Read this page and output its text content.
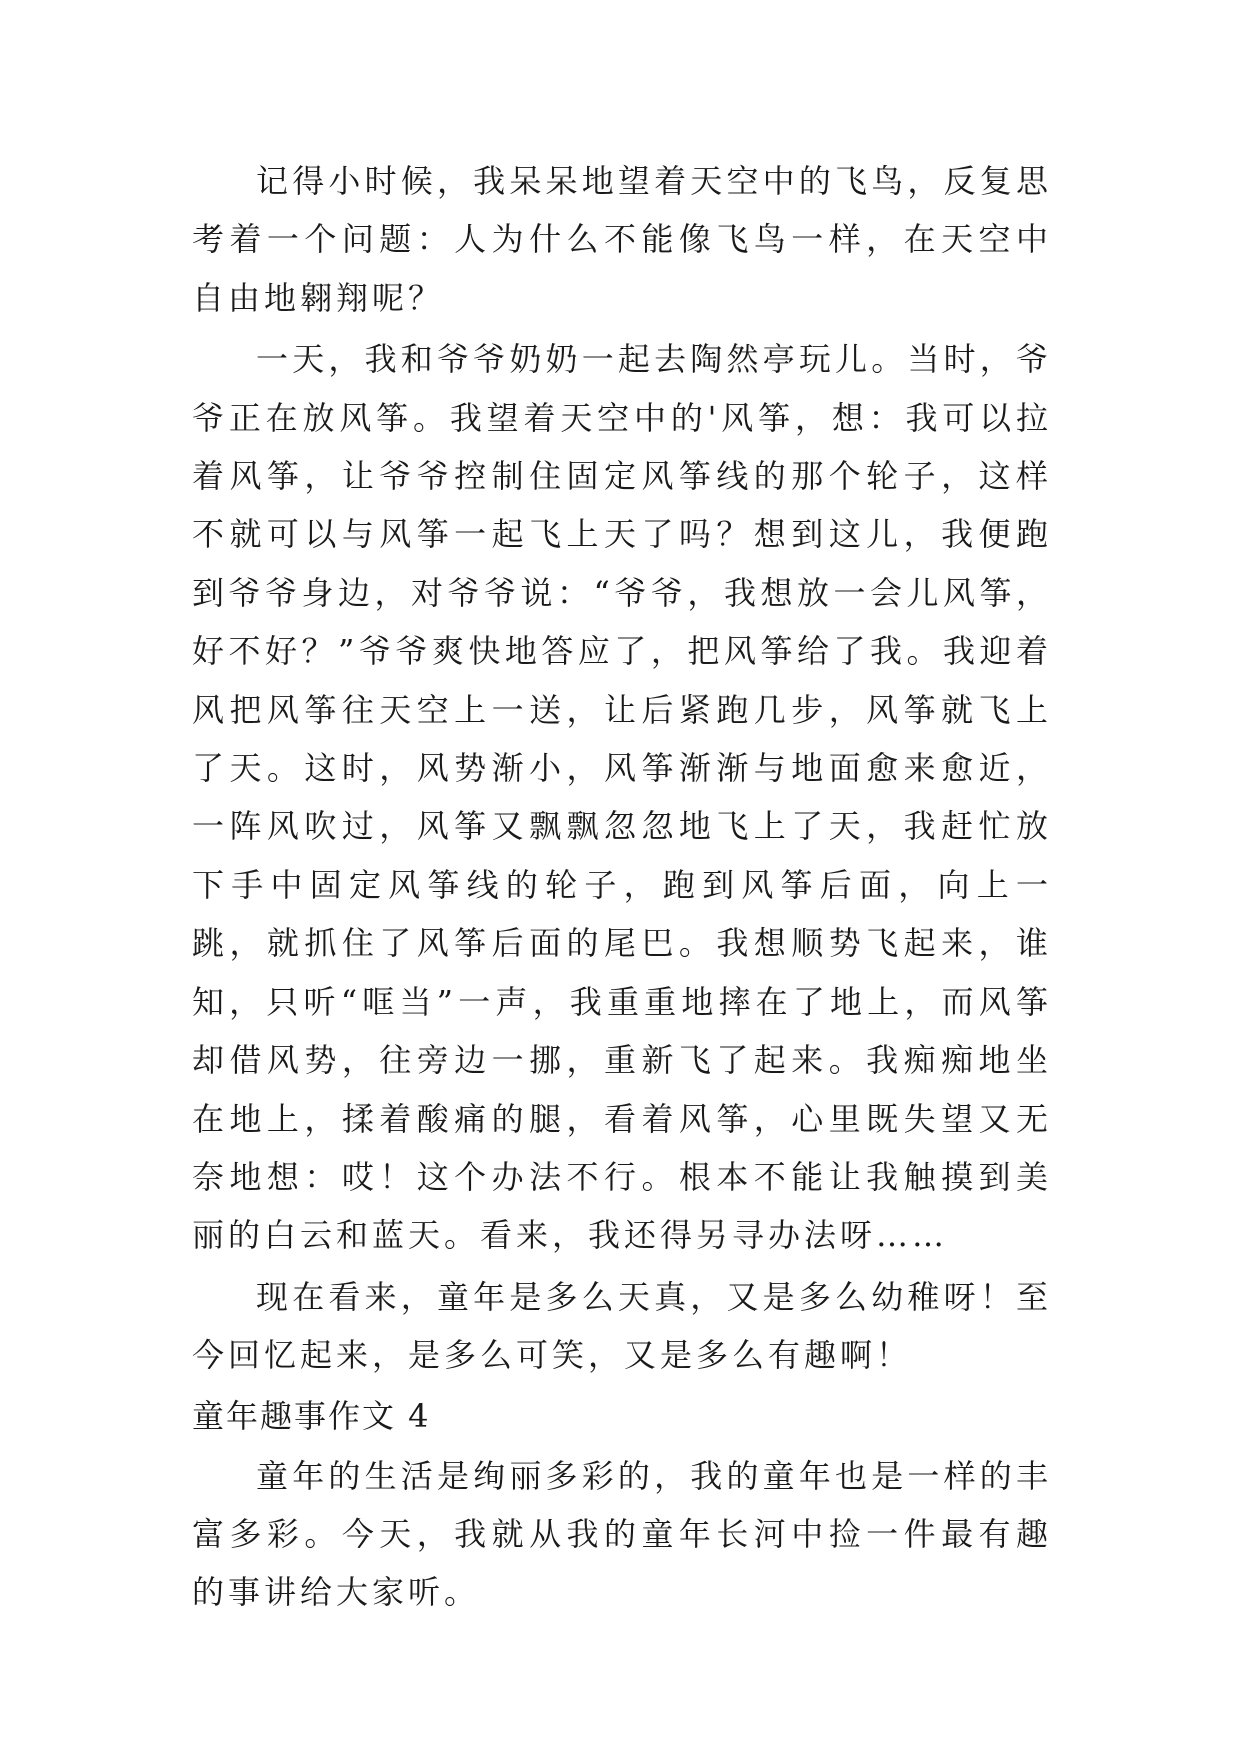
记得小时候，我呆呆地望着天空中的飞鸟，反复思考着一个问题：人为什么不能像飞鸟一样，在天空中自由地翱翔呢？

一天，我和爷爷奶奶一起去陶然亭玩儿。当时，爷爷正在放风筝。我望着天空中的'风筝，想：我可以拉着风筝，让爷爷控制住固定风筝线的那个轮子，这样不就可以与风筝一起飞上天了吗？想到这儿，我便跑到爷爷身边，对爷爷说：“爷爷，我想放一会儿风筝，好不好？”爷爷爽快地答应了，把风筝给了我。我迎着风把风筝往天空上一送，让后紧跑几步，风筝就飞上了天。这时，风势渐小，风筝渐渐与地面愈来愈近，一阵风吹过，风筝又飘飘忽忽地飞上了天，我赶忙放下手中固定风筝线的轮子，跑到风筝后面，向上一跳，就抓住了风筝后面的尾巴。我想顺势飞起来，谁知，只听“哐当”一声，我重重地摔在了地上，而风筝却借风势，往旁边一挪，重新飞了起来。我痴痴地坐在地上，揉着酸痛的腿，看着风筝，心里既失望又无奈地想：哎！这个办法不行。根本不能让我触摸到美丽的白云和蓝天。看来，我还得另寻办法呀……

现在看来，童年是多么天真，又是多么幼稚呀！至今回忆起来，是多么可笑，又是多么有趣啊！

童年趣事作文 4

童年的生活是绚丽多彩的，我的童年也是一样的丰富多彩。今天，我就从我的童年长河中捡一件最有趣的事讲给大家听。
